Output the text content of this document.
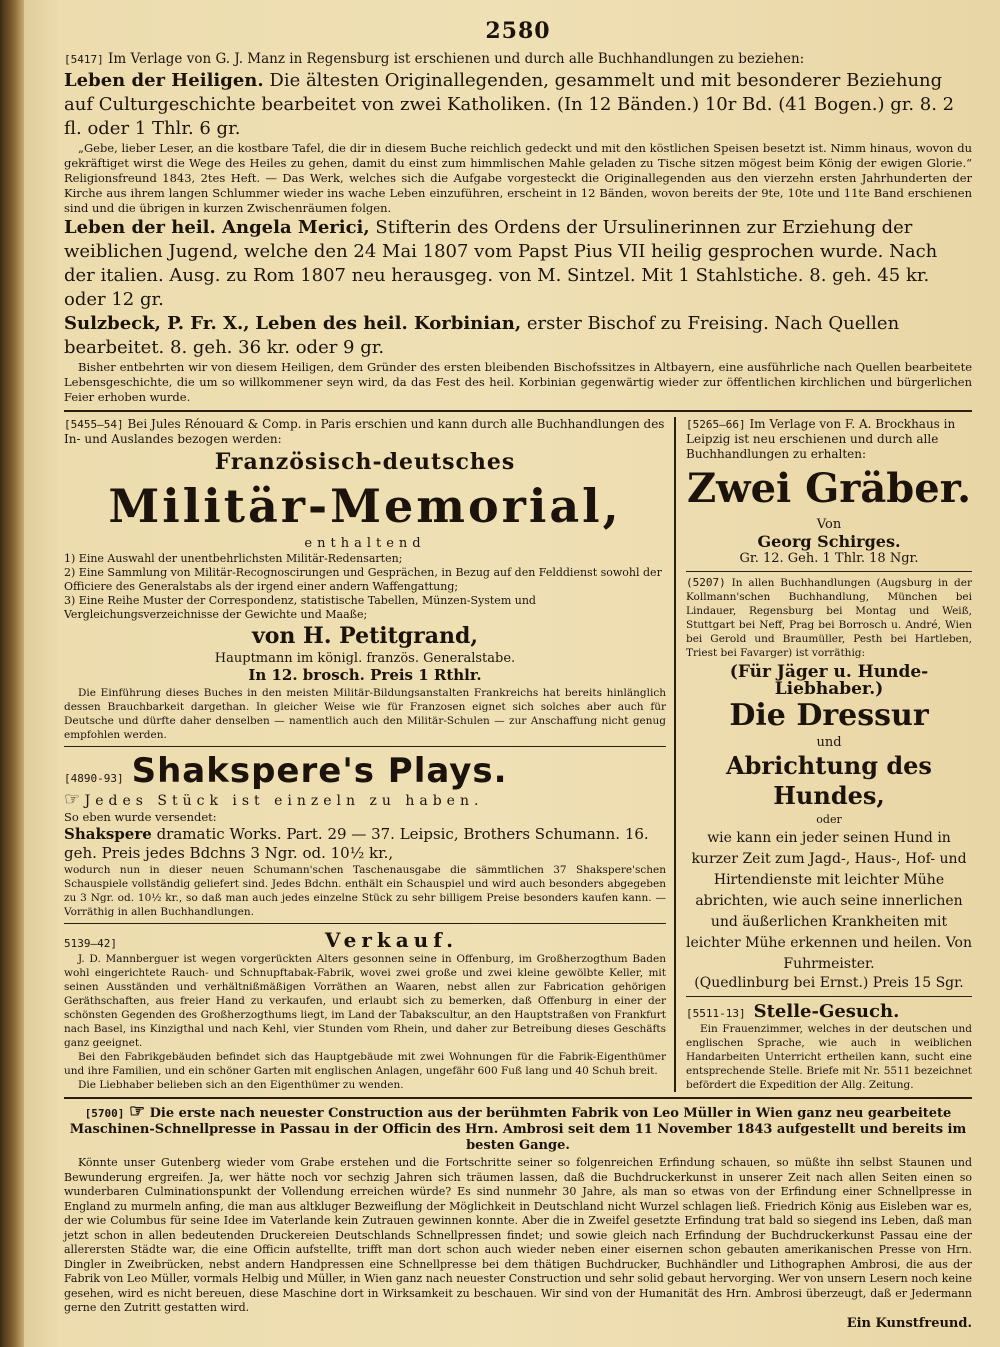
2580

[5417] Im Verlage von G. J. Manz in Regensburg ist erschienen und durch alle Buchhandlungen zu beziehen:

Leben der Heiligen. Die ältesten Originallegenden, gesammelt und mit besonderer Beziehung auf Culturgeschichte bearbeitet von zwei Katholiken. (In 12 Bänden.) 10r Bd. (41 Bogen.) gr. 8. 2 fl. oder 1 Thlr. 6 gr.

„Gebe, lieber Leser, an die kostbare Tafel, die dir in diesem Buche reichlich gedeckt und mit den köstlichen Speisen besetzt ist. Nimm hinaus, wovon du gekräftiget wirst die Wege des Heiles zu gehen, damit du einst zum himmlischen Mahle geladen zu Tische sitzen mögest beim König der ewigen Glorie.“ Religionsfreund 1843, 2tes Heft. — Das Werk, welches sich die Aufgabe vorgesteckt die Originallegenden aus den vierzehn ersten Jahrhunderten der Kirche aus ihrem langen Schlummer wieder ins wache Leben einzuführen, erscheint in 12 Bänden, wovon bereits der 9te, 10te und 11te Band erschienen sind und die übrigen in kurzen Zwischenräumen folgen.

Leben der heil. Angela Merici, Stifterin des Ordens der Ursulinerinnen zur Erziehung der weiblichen Jugend, welche den 24 Mai 1807 vom Papst Pius VII heilig gesprochen wurde. Nach der italien. Ausg. zu Rom 1807 neu herausgeg. von M. Sintzel. Mit 1 Stahlstiche. 8. geh. 45 kr. oder 12 gr.

Sulzbeck, P. Fr. X., Leben des heil. Korbinian, erster Bischof zu Freising. Nach Quellen bearbeitet. 8. geh. 36 kr. oder 9 gr.

Bisher entbehrten wir von diesem Heiligen, dem Gründer des ersten bleibenden Bischofssitzes in Altbayern, eine ausführliche nach Quellen bearbeitete Lebensgeschichte, die um so willkommener seyn wird, da das Fest des heil. Korbinian gegenwärtig wieder zur öffentlichen kirchlichen und bürgerlichen Feier erhoben wurde.

[5455—54] Bei Jules Rénouard & Comp. in Paris erschien und kann durch alle Buchhandlungen des In- und Auslandes bezogen werden:

Französisch-deutsches
Militär-Memorial,
enthaltend
1) Eine Auswahl der unentbehrlichsten Militär-Redensarten;
2) Eine Sammlung von Militär-Recognoscirungen und Gesprächen, in Bezug auf den Felddienst sowohl der Officiere des Generalstabs als der irgend einer andern Waffengattung;
3) Eine Reihe Muster der Correspondenz, statistische Tabellen, Münzen-System und Vergleichungsverzeichnisse der Gewichte und Maaße;
von H. Petitgrand,
Hauptmann im königl. französ. Generalstabe.
In 12. brosch. Preis 1 Rthlr.

Die Einführung dieses Buches in den meisten Militär-Bildungsanstalten Frankreichs hat bereits hinlänglich dessen Brauchbarkeit dargethan. In gleicher Weise wie für Franzosen eignet sich solches aber auch für Deutsche und dürfte daher denselben — namentlich auch den Militär-Schulen — zur Anschaffung nicht genug empfohlen werden.

[4890-93] Shakspere's Plays.
☞ Jedes Stück ist einzeln zu haben.
So eben wurde versendet:
Shakspere dramatic Works. Part. 29 — 37. Leipsic, Brothers Schumann. 16. geh. Preis jedes Bdchns 3 Ngr. od. 10½ kr.,

wodurch nun in dieser neuen Schumann'schen Taschenausgabe die sämmtlichen 37 Shakspere'schen Schauspiele vollständig geliefert sind. Jedes Bdchn. enthält ein Schauspiel und wird auch besonders abgegeben zu 3 Ngr. od. 10½ kr., so daß man auch jedes einzelne Stück zu sehr billigem Preise besonders kaufen kann. — Vorräthig in allen Buchhandlungen.

5139—42]	Verkauf.

J. D. Mannberguer ist wegen vorgerückten Alters gesonnen seine in Offenburg, im Großherzogthum Baden wohl eingerichtete Rauch- und Schnupftabak-Fabrik, wovei zwei große und zwei kleine gewölbte Keller, mit seinen Ausständen und verhältnißmäßigen Vorräthen an Waaren, nebst allen zur Fabrication gehörigen Geräthschaften, aus freier Hand zu verkaufen, und erlaubt sich zu bemerken, daß Offenburg in einer der schönsten Gegenden des Großherzogthums liegt, im Land der Tabakscultur, an den Hauptstraßen von Frankfurt nach Basel, ins Kinzigthal und nach Kehl, vier Stunden vom Rhein, und daher zur Betreibung dieses Geschäfts ganz geeignet.

Bei den Fabrikgebäuden befindet sich das Hauptgebäude mit zwei Wohnungen für die Fabrik-Eigenthümer und ihre Familien, und ein schöner Garten mit englischen Anlagen, ungefähr 600 Fuß lang und 40 Schuh breit.

Die Liebhaber belieben sich an den Eigenthümer zu wenden.

[5265—66] Im Verlage von F. A. Brockhaus in Leipzig ist neu erschienen und durch alle Buchhandlungen zu erhalten:

Zwei Gräber.
Von
Georg Schirges.
Gr. 12. Geh. 1 Thlr. 18 Ngr.

(5207) In allen Buchhandlungen (Augsburg in der Kollmann'schen Buchhandlung, München bei Lindauer, Regensburg bei Montag und Weiß, Stuttgart bei Neff, Prag bei Borrosch u. André, Wien bei Gerold und Braumüller, Pesth bei Hartleben, Triest bei Favarger) ist vorräthig:

(Für Jäger u. Hunde-Liebhaber.)
Die Dressur
und
Abrichtung des Hundes,
oder

wie kann ein jeder seinen Hund in kurzer Zeit zum Jagd-, Haus-, Hof- und Hirtendienste mit leichter Mühe abrichten, wie auch seine innerlichen und äußerlichen Krankheiten mit leichter Mühe erkennen und heilen. Von Fuhrmeister.

(Quedlinburg bei Ernst.) Preis 15 Sgr.
[5511-13] Stelle-Gesuch.

Ein Frauenzimmer, welches in der deutschen und englischen Sprache, wie auch in weiblichen Handarbeiten Unterricht ertheilen kann, sucht eine entsprechende Stelle. Briefe mit Nr. 5511 bezeichnet befördert die Expedition der Allg. Zeitung.

[5700] ☞ Die erste nach neuester Construction aus der berühmten Fabrik von Leo Müller in Wien ganz neu gearbeitete Maschinen-Schnellpresse in Passau in der Officin des Hrn. Ambrosi seit dem 11 November 1843 aufgestellt und bereits im besten Gange.

Könnte unser Gutenberg wieder vom Grabe erstehen und die Fortschritte seiner so folgenreichen Erfindung schauen, so müßte ihn selbst Staunen und Bewunderung ergreifen. Ja, wer hätte noch vor sechzig Jahren sich träumen lassen, daß die Buchdruckerkunst in unserer Zeit nach allen Seiten einen so wunderbaren Culminationspunkt der Vollendung erreichen würde? Es sind nunmehr 30 Jahre, als man so etwas von der Erfindung einer Schnellpresse in England zu murmeln anfing, die man aus altkluger Bezweiflung der Möglichkeit in Deutschland nicht Wurzel schlagen ließ. Friedrich König aus Eisleben war es, der wie Columbus für seine Idee im Vaterlande kein Zutrauen gewinnen konnte. Aber die in Zweifel gesetzte Erfindung trat bald so siegend ins Leben, daß man jetzt schon in allen bedeutenden Druckereien Deutschlands Schnellpressen findet; und sowie gleich nach Erfindung der Buchdruckerkunst Passau eine der allerersten Städte war, die eine Officin aufstellte, trifft man dort schon auch wieder neben einer eisernen schon gebauten amerikanischen Presse von Hrn. Dingler in Zweibrücken, nebst andern Handpressen eine Schnellpresse bei dem thätigen Buchdrucker, Buchhändler und Lithographen Ambrosi, die aus der Fabrik von Leo Müller, vormals Helbig und Müller, in Wien ganz nach neuester Construction und sehr solid gebaut hervorging. Wer von unsern Lesern noch keine gesehen, wird es nicht bereuen, diese Maschine dort in Wirksamkeit zu beschauen. Wir sind von der Humanität des Hrn. Ambrosi überzeugt, daß er Jedermann gerne den Zutritt gestatten wird.

Ein Kunstfreund.
